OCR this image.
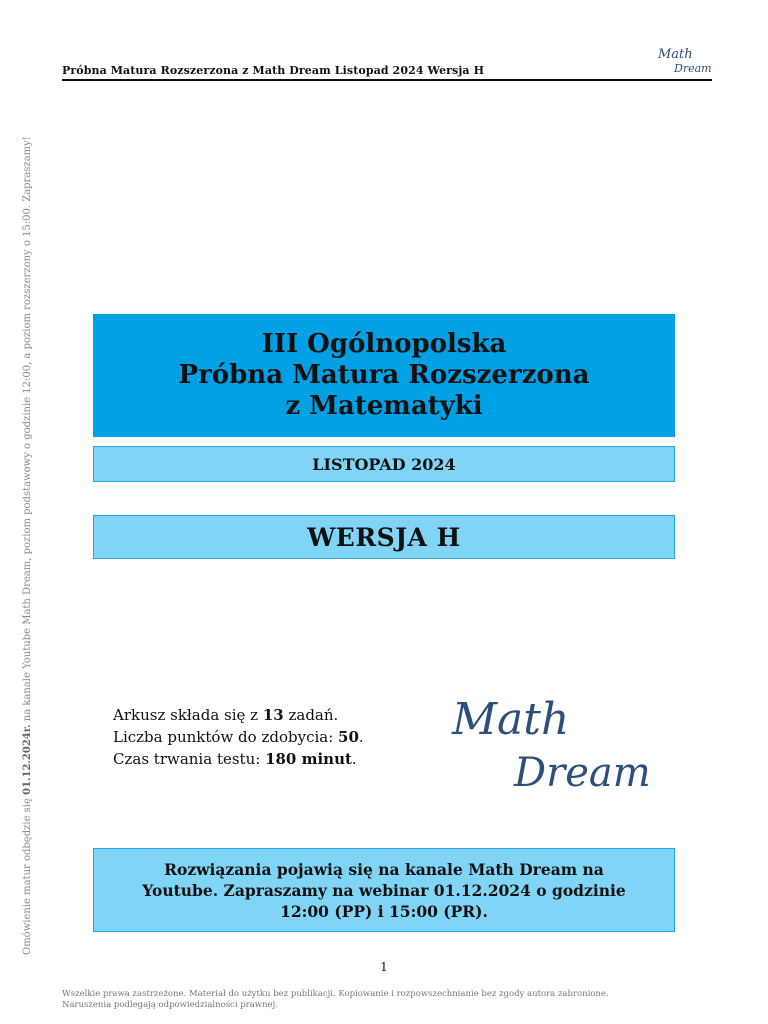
Próbna Matura Rozszerzona z Math Dream Listopad 2024 Wersja H
Math
Dream
Omówienie matur odbędzie się 01.12.2024r. na kanale Youtube Math Dream, poziom podstawowy o godzinie 12:00, a poziom rozszerzony o 15:00. Zapraszamy!	III Ogólnopolska
Próbna Matura Rozszerzona
z Matematyki
LISTOPAD 2024
WERSJA H
Arkusz składa się z 13 zadań.
Liczba punktów do zdobycia: 50.
Czas trwania testu: 180 minut.
Math
Dream
Rozwiązania pojawią się na kanale Math Dream na
Youtube. Zapraszamy na webinar 01.12.2024 o godzinie
12:00 (PP) i 15:00 (PR).
1
Wszelkie prawa zastrzeżone. Materiał do użytku bez publikacji. Kopiowanie i rozpowszechnianie bez zgody autora zabronione.
Naruszenia podlegają odpowiedzialności prawnej.
